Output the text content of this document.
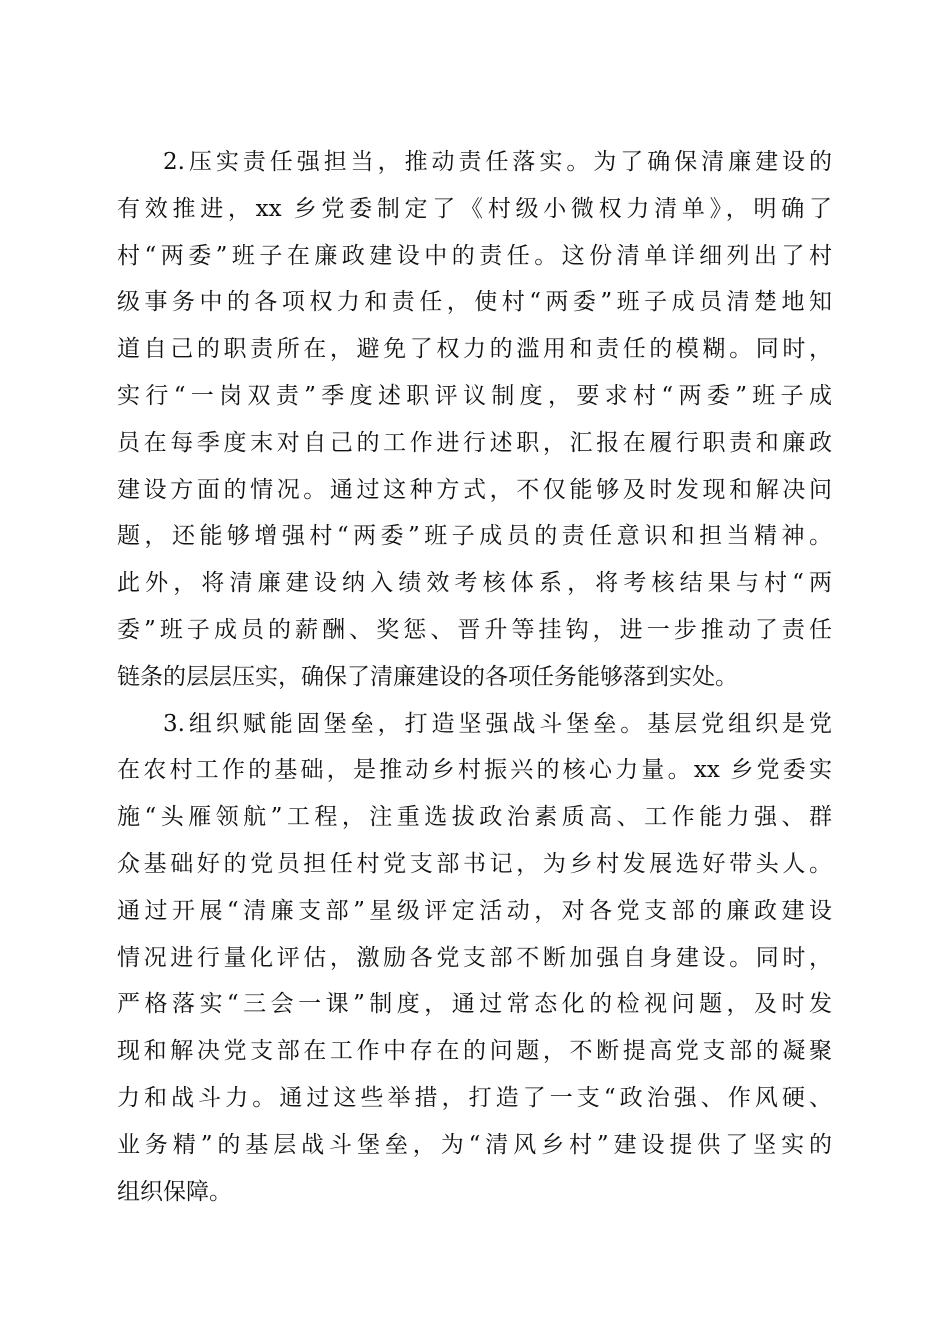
2.压实责任强担当，推动责任落实。为了确保清廉建设的
有效推进，xx 乡党委制定了《村级小微权力清单》，明确了
村“两委”班子在廉政建设中的责任。这份清单详细列出了村
级事务中的各项权力和责任，使村“两委”班子成员清楚地知
道自己的职责所在，避免了权力的滥用和责任的模糊。同时，
实行“一岗双责”季度述职评议制度，要求村“两委”班子成
员在每季度末对自己的工作进行述职，汇报在履行职责和廉政
建设方面的情况。通过这种方式，不仅能够及时发现和解决问
题，还能够增强村“两委”班子成员的责任意识和担当精神。
此外，将清廉建设纳入绩效考核体系，将考核结果与村“两
委”班子成员的薪酬、奖惩、晋升等挂钩，进一步推动了责任
链条的层层压实，确保了清廉建设的各项任务能够落到实处。
3.组织赋能固堡垒，打造坚强战斗堡垒。基层党组织是党
在农村工作的基础，是推动乡村振兴的核心力量。xx 乡党委实
施“头雁领航”工程，注重选拔政治素质高、工作能力强、群
众基础好的党员担任村党支部书记，为乡村发展选好带头人。
通过开展“清廉支部”星级评定活动，对各党支部的廉政建设
情况进行量化评估，激励各党支部不断加强自身建设。同时，
严格落实“三会一课”制度，通过常态化的检视问题，及时发
现和解决党支部在工作中存在的问题，不断提高党支部的凝聚
力和战斗力。通过这些举措，打造了一支“政治强、作风硬、
业务精”的基层战斗堡垒，为“清风乡村”建设提供了坚实的
组织保障。
